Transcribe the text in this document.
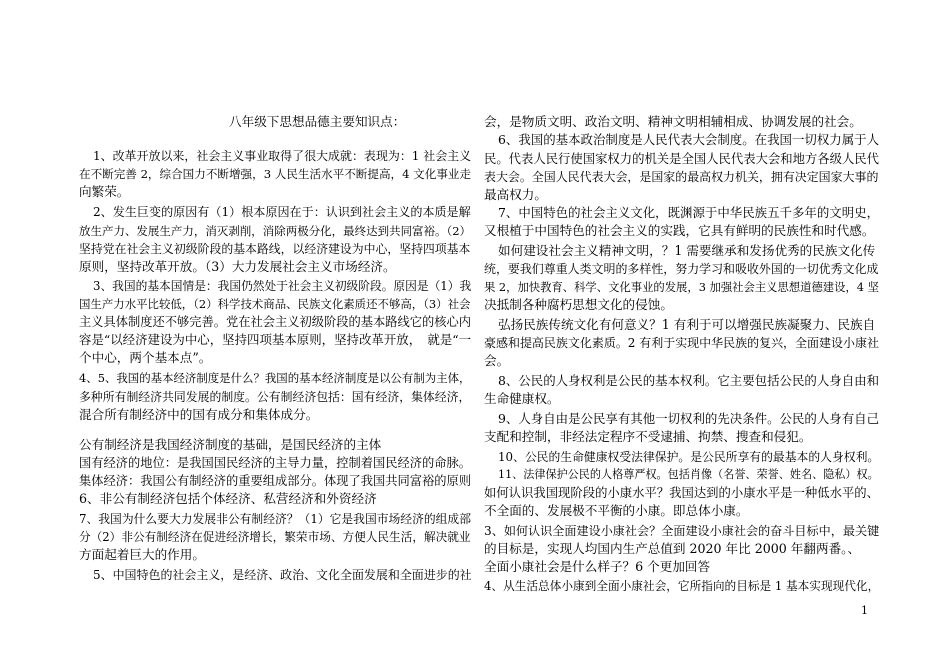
八年级下思想品德主要知识点：
1、改革开放以来，社会主义事业取得了很大成就：表现为：1 社会主义
在不断完善 2，综合国力不断增强，3 人民生活水平不断提高，4 文化事业走
向繁荣。
2、发生巨变的原因有（1）根本原因在于：认识到社会主义的本质是解
放生产力、发展生产力，消灭剥削，消除两极分化，最终达到共同富裕。（2）
坚持党在社会主义初级阶段的基本路线，以经济建设为中心，坚持四项基本
原则，坚持改革开放。（3）大力发展社会主义市场经济。
3、我国的基本国情是：我国仍然处于社会主义初级阶段。原因是（1）我
国生产力水平比较低，（2）科学技术商品、民族文化素质还不够高，（3）社会
主义具体制度还不够完善。党在社会主义初级阶段的基本路线它的核心内
容是“以经济建设为中心，坚持四项基本原则，坚持改革开放，　就是“一
个中心，两个基本点”。
4、5、我国的基本经济制度是什么？我国的基本经济制度是以公有制为主体，
多种所有制经济共同发展的制度。公有制经济包括：国有经济，集体经济，
混合所有制经济中的国有成分和集体成分。
公有制经济是我国经济制度的基础，是国民经济的主体
国有经济的地位：是我国国民经济的主导力量，控制着国民经济的命脉。
集体经济：我国公有制经济的重要组成部分。体现了我国共同富裕的原则
6、非公有制经济包括个体经济、私营经济和外资经济
7、我国为什么要大力发展非公有制经济？（1）它是我国市场经济的组成部
分（2）非公有制经济在促进经济增长，繁荣市场、方便人民生活，解决就业
方面起着巨大的作用。
5、中国特色的社会主义，是经济、政治、文化全面发展和全面进步的社
会，是物质文明、政治文明、精神文明相辅相成、协调发展的社会。
6、我国的基本政治制度是人民代表大会制度。在我国一切权力属于人
民。代表人民行使国家权力的机关是全国人民代表大会和地方各级人民代
表大会。全国人民代表大会，是国家的最高权力机关，拥有决定国家大事的
最高权力。
7、中国特色的社会主义文化，既渊源于中华民族五千多年的文明史，
又根植于中国特色的社会主义的实践，它具有鲜明的民族性和时代感。
如何建设社会主义精神文明，？1 需要继承和发扬优秀的民族文化传
统，要我们尊重人类文明的多样性，努力学习和吸收外国的一切优秀文化成
果 2，加快教育、科学、文化事业的发展，3 加强社会主义思想道德建设，4 坚
决抵制各种腐朽思想文化的侵蚀。
弘扬民族传统文化有何意义？1 有利于可以增强民族凝聚力、民族自
豪感和提高民族文化素质。2 有利于实现中华民族的复兴，全面建设小康社
会。
8、公民的人身权利是公民的基本权利。它主要包括公民的人身自由和
生命健康权。
9、人身自由是公民享有其他一切权利的先决条件。公民的人身有自己
支配和控制，非经法定程序不受逮捕、拘禁、搜查和侵犯。
10、公民的生命健康权受法律保护。是公民所享有的最基本的人身权利。
11、法律保护公民的人格尊严权。包括肖像（名誉、荣誉、姓名、隐私）权。
如何认识我国现阶段的小康水平？我国达到的小康水平是一种低水平的、
不全面的、发展极不平衡的小康。即总体小康。
3、如何认识全面建设小康社会？全面建设小康社会的奋斗目标中，最关键
的目标是，实现人均国内生产总值到 2020 年比 2000 年翻两番。、
全面小康社会是什么样子？6 个更加回答
4、从生活总体小康到全面小康社会，它所指向的目标是 1 基本实现现代化，
1
